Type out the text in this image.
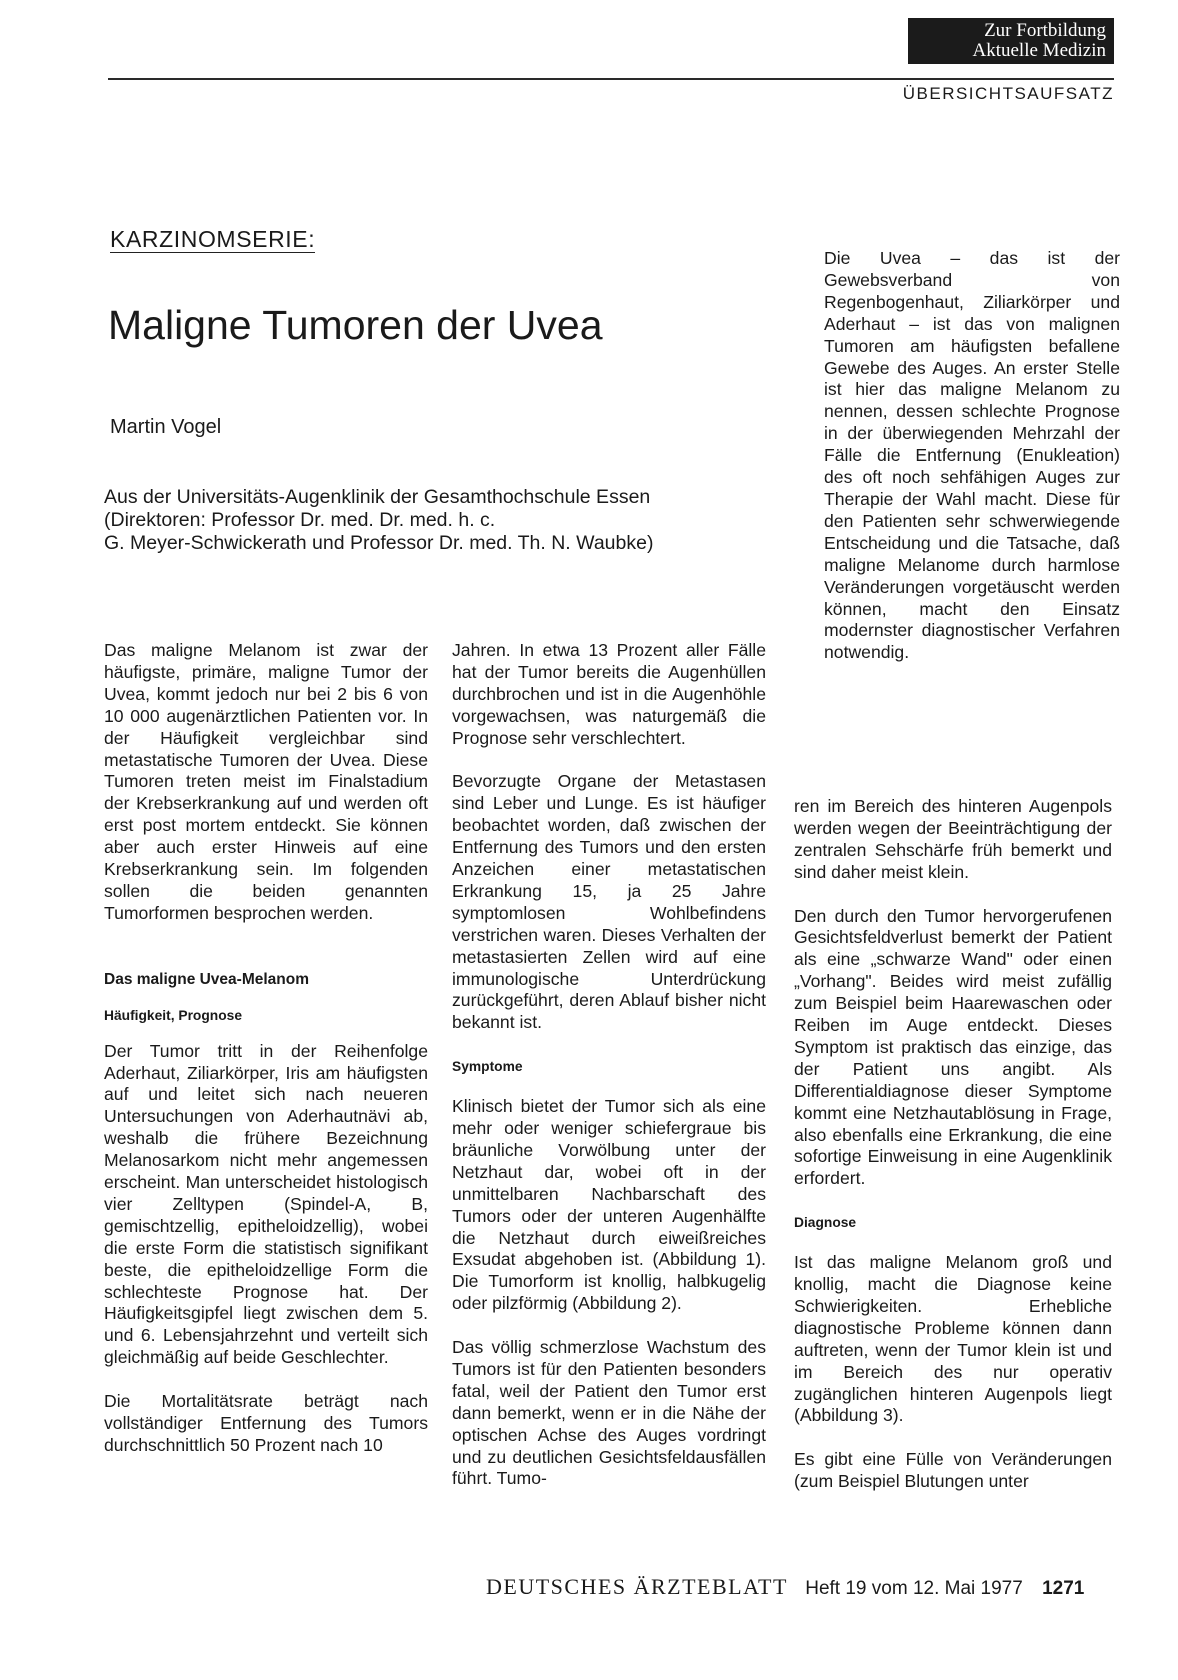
Zur Fortbildung
Aktuelle Medizin
ÜBERSICHTSAUFSATZ
KARZINOMSERIE:
Maligne Tumoren der Uvea
Martin Vogel
Aus der Universitäts-Augenklinik der Gesamthochschule Essen
(Direktoren: Professor Dr. med. Dr. med. h. c.
G. Meyer-Schwickerath und Professor Dr. med. Th. N. Waubke)

Die Uvea – das ist der Gewebsverband von Regenbogenhaut, Ziliarkörper und Aderhaut – ist das von malignen Tumoren am häufigsten befallene Gewebe des Auges. An erster Stelle ist hier das maligne Melanom zu nennen, dessen schlechte Prognose in der überwiegenden Mehrzahl der Fälle die Entfernung (Enukleation) des oft noch sehfähigen Auges zur Therapie der Wahl macht. Diese für den Patienten sehr schwerwiegende Entscheidung und die Tatsache, daß maligne Melanome durch harmlose Veränderungen vorgetäuscht werden können, macht den Einsatz modernster diagnostischer Verfahren notwendig.

Das maligne Melanom ist zwar der häufigste, primäre, maligne Tumor der Uvea, kommt jedoch nur bei 2 bis 6 von 10 000 augenärztlichen Patienten vor. In der Häufigkeit vergleichbar sind metastatische Tumoren der Uvea. Diese Tumoren treten meist im Finalstadium der Krebserkrankung auf und werden oft erst post mortem entdeckt. Sie können aber auch erster Hinweis auf eine Krebserkrankung sein. Im folgenden sollen die beiden genannten Tumorformen besprochen werden.

Das maligne Uvea-Melanom
Häufigkeit, Prognose

Der Tumor tritt in der Reihenfolge Aderhaut, Ziliarkörper, Iris am häufigsten auf und leitet sich nach neueren Untersuchungen von Aderhautnävi ab, weshalb die frühere Bezeichnung Melanosarkom nicht mehr angemessen erscheint. Man unterscheidet histologisch vier Zelltypen (Spindel-A, B, gemischtzellig, epitheloidzellig), wobei die erste Form die statistisch signifikant beste, die epitheloidzellige Form die schlechteste Prognose hat. Der Häufigkeitsgipfel liegt zwischen dem 5. und 6. Lebensjahrzehnt und verteilt sich gleichmäßig auf beide Geschlechter.

Die Mortalitätsrate beträgt nach vollständiger Entfernung des Tumors durchschnittlich 50 Prozent nach 10

Jahren. In etwa 13 Prozent aller Fälle hat der Tumor bereits die Augenhüllen durchbrochen und ist in die Augenhöhle vorgewachsen, was naturgemäß die Prognose sehr verschlechtert.

Bevorzugte Organe der Metastasen sind Leber und Lunge. Es ist häufiger beobachtet worden, daß zwischen der Entfernung des Tumors und den ersten Anzeichen einer metastatischen Erkrankung 15, ja 25 Jahre symptomlosen Wohlbefindens verstrichen waren. Dieses Verhalten der metastasierten Zellen wird auf eine immunologische Unterdrückung zurückgeführt, deren Ablauf bisher nicht bekannt ist.

Symptome

Klinisch bietet der Tumor sich als eine mehr oder weniger schiefergraue bis bräunliche Vorwölbung unter der Netzhaut dar, wobei oft in der unmittelbaren Nachbarschaft des Tumors oder der unteren Augenhälfte die Netzhaut durch eiweißreiches Exsudat abgehoben ist. (Abbildung 1). Die Tumorform ist knollig, halbkugelig oder pilzförmig (Abbildung 2).

Das völlig schmerzlose Wachstum des Tumors ist für den Patienten besonders fatal, weil der Patient den Tumor erst dann bemerkt, wenn er in die Nähe der optischen Achse des Auges vordringt und zu deutlichen Gesichtsfeldausfällen führt. Tumo-

ren im Bereich des hinteren Augenpols werden wegen der Beeinträchtigung der zentralen Sehschärfe früh bemerkt und sind daher meist klein.

Den durch den Tumor hervorgerufenen Gesichtsfeldverlust bemerkt der Patient als eine „schwarze Wand" oder einen „Vorhang". Beides wird meist zufällig zum Beispiel beim Haarewaschen oder Reiben im Auge entdeckt. Dieses Symptom ist praktisch das einzige, das der Patient uns angibt. Als Differentialdiagnose dieser Symptome kommt eine Netzhautablösung in Frage, also ebenfalls eine Erkrankung, die eine sofortige Einweisung in eine Augenklinik erfordert.

Diagnose

Ist das maligne Melanom groß und knollig, macht die Diagnose keine Schwierigkeiten. Erhebliche diagnostische Probleme können dann auftreten, wenn der Tumor klein ist und im Bereich des nur operativ zugänglichen hinteren Augenpols liegt (Abbildung 3).

Es gibt eine Fülle von Veränderungen (zum Beispiel Blutungen unter

DEUTSCHES ÄRZTEBLATT Heft 19 vom 12. Mai 1977 1271
